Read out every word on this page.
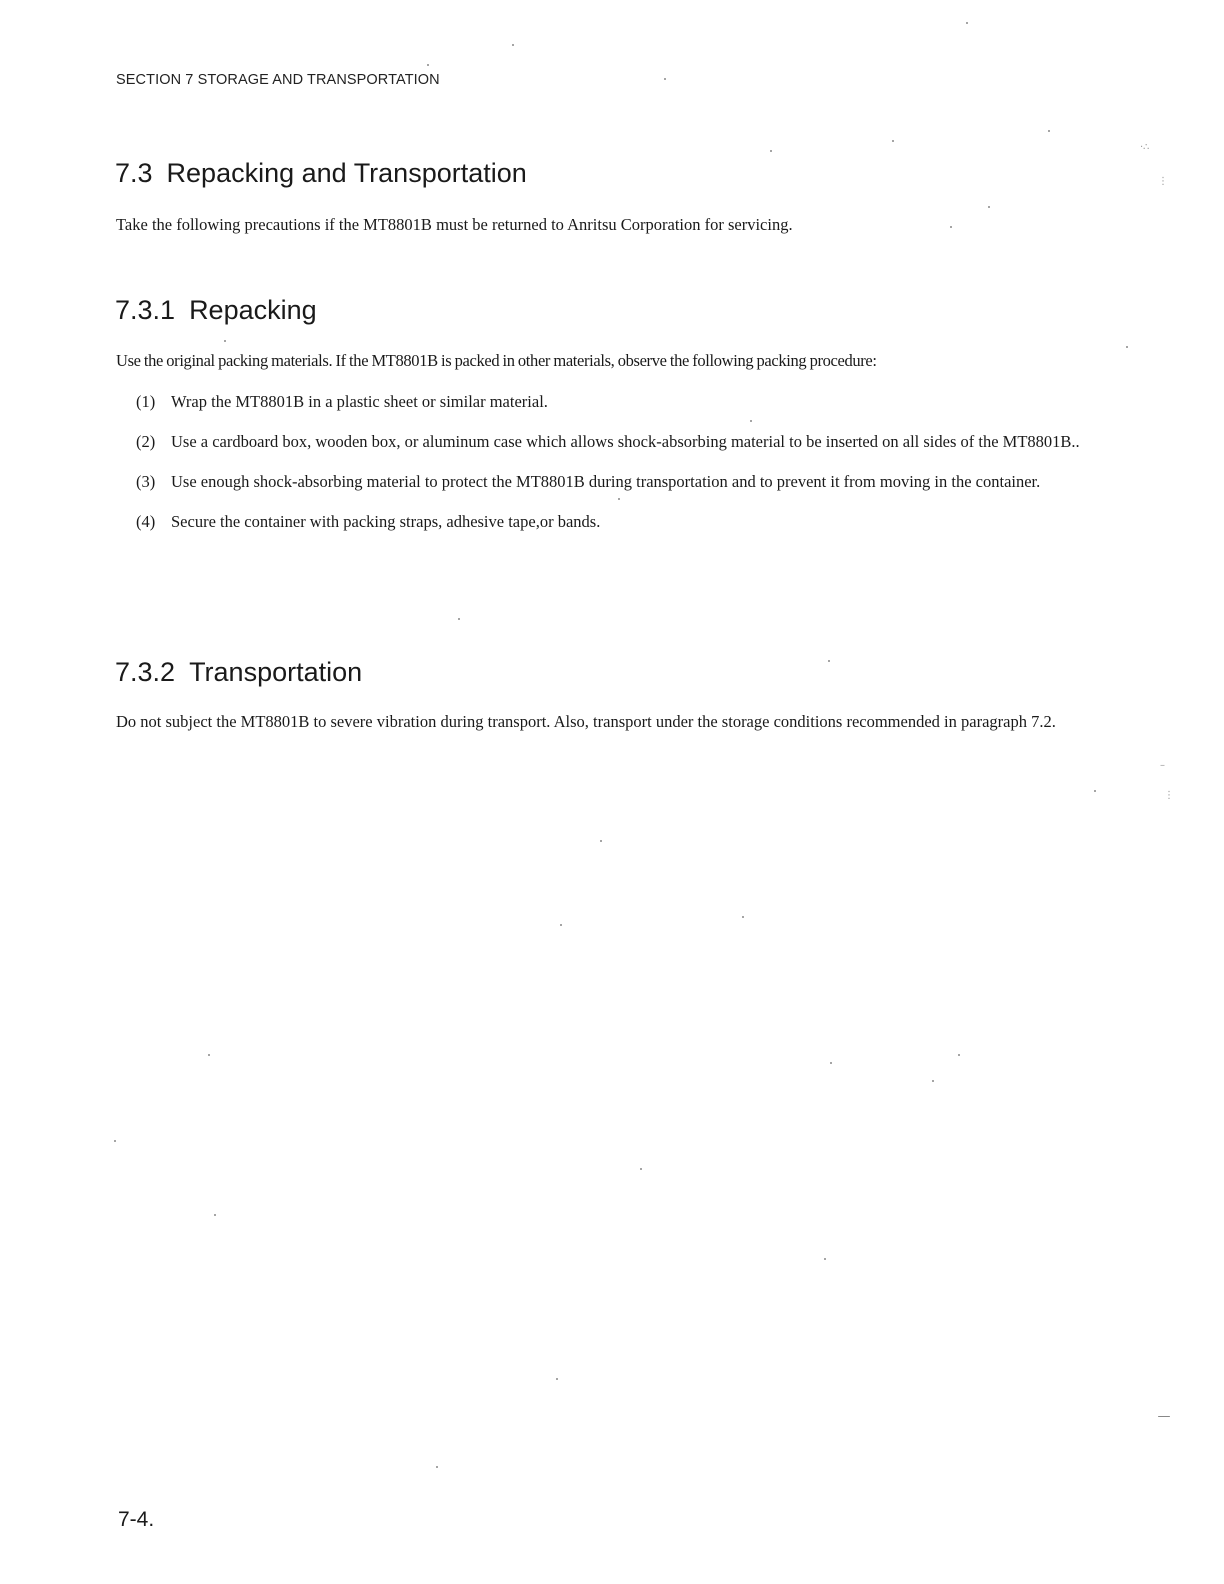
SECTION 7 STORAGE AND TRANSPORTATION
7.3 Repacking and Transportation

Take the following precautions if the MT8801B must be returned to Anritsu Corporation for servicing.

7.3.1 Repacking

Use the original packing materials. If the MT8801B is packed in other materials, observe the following packing procedure:

(1) Wrap the MT8801B in a plastic sheet or similar material.
(2) Use a cardboard box, wooden box, or aluminum case which allows shock-absorbing material to be inserted on all sides of the MT8801B..
(3) Use enough shock-absorbing material to protect the MT8801B during transportation and to prevent it from moving in the container.
(4) Secure the container with packing straps, adhesive tape,or bands.
7.3.2 Transportation

Do not subject the MT8801B to severe vibration during transport. Also, transport under the storage conditions recommended in paragraph 7.2.

7-4.
·∴
⋮
–
⋮
